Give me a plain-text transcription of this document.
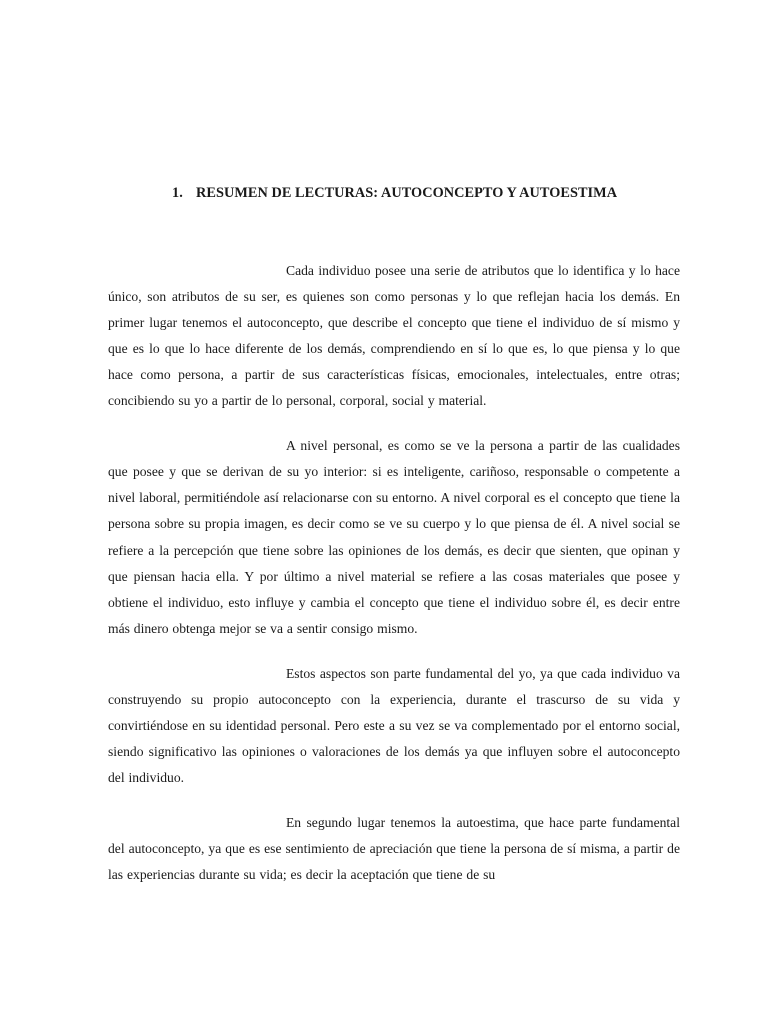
1. RESUMEN DE LECTURAS: AUTOCONCEPTO Y AUTOESTIMA

Cada individuo posee una serie de atributos que lo identifica y lo hace único, son atributos de su ser, es quienes son como personas y lo que reflejan hacia los demás. En primer lugar tenemos el autoconcepto, que describe el concepto que tiene el individuo de sí mismo y que es lo que lo hace diferente de los demás, comprendiendo en sí lo que es, lo que piensa y lo que hace como persona, a partir de sus características físicas, emocionales, intelectuales, entre otras; concibiendo su yo a partir de lo personal, corporal, social y material.

A nivel personal, es como se ve la persona a partir de las cualidades que posee y que se derivan de su yo interior: si es inteligente, cariñoso, responsable o competente a nivel laboral, permitiéndole así relacionarse con su entorno. A nivel corporal es el concepto que tiene la persona sobre su propia imagen, es decir como se ve su cuerpo y lo que piensa de él. A nivel social se refiere a la percepción que tiene sobre las opiniones de los demás, es decir que sienten, que opinan y que piensan hacia ella. Y por último a nivel material se refiere a las cosas materiales que posee y obtiene el individuo, esto influye y cambia el concepto que tiene el individuo sobre él, es decir entre más dinero obtenga mejor se va a sentir consigo mismo.

Estos aspectos son parte fundamental del yo, ya que cada individuo va construyendo su propio autoconcepto con la experiencia, durante el trascurso de su vida y convirtiéndose en su identidad personal. Pero este a su vez se va complementado por el entorno social, siendo significativo las opiniones o valoraciones de los demás ya que influyen sobre el autoconcepto del individuo.

En segundo lugar tenemos la autoestima, que hace parte fundamental del autoconcepto, ya que es ese sentimiento de apreciación que tiene la persona de sí misma, a partir de las experiencias durante su vida; es decir la aceptación que tiene de su
